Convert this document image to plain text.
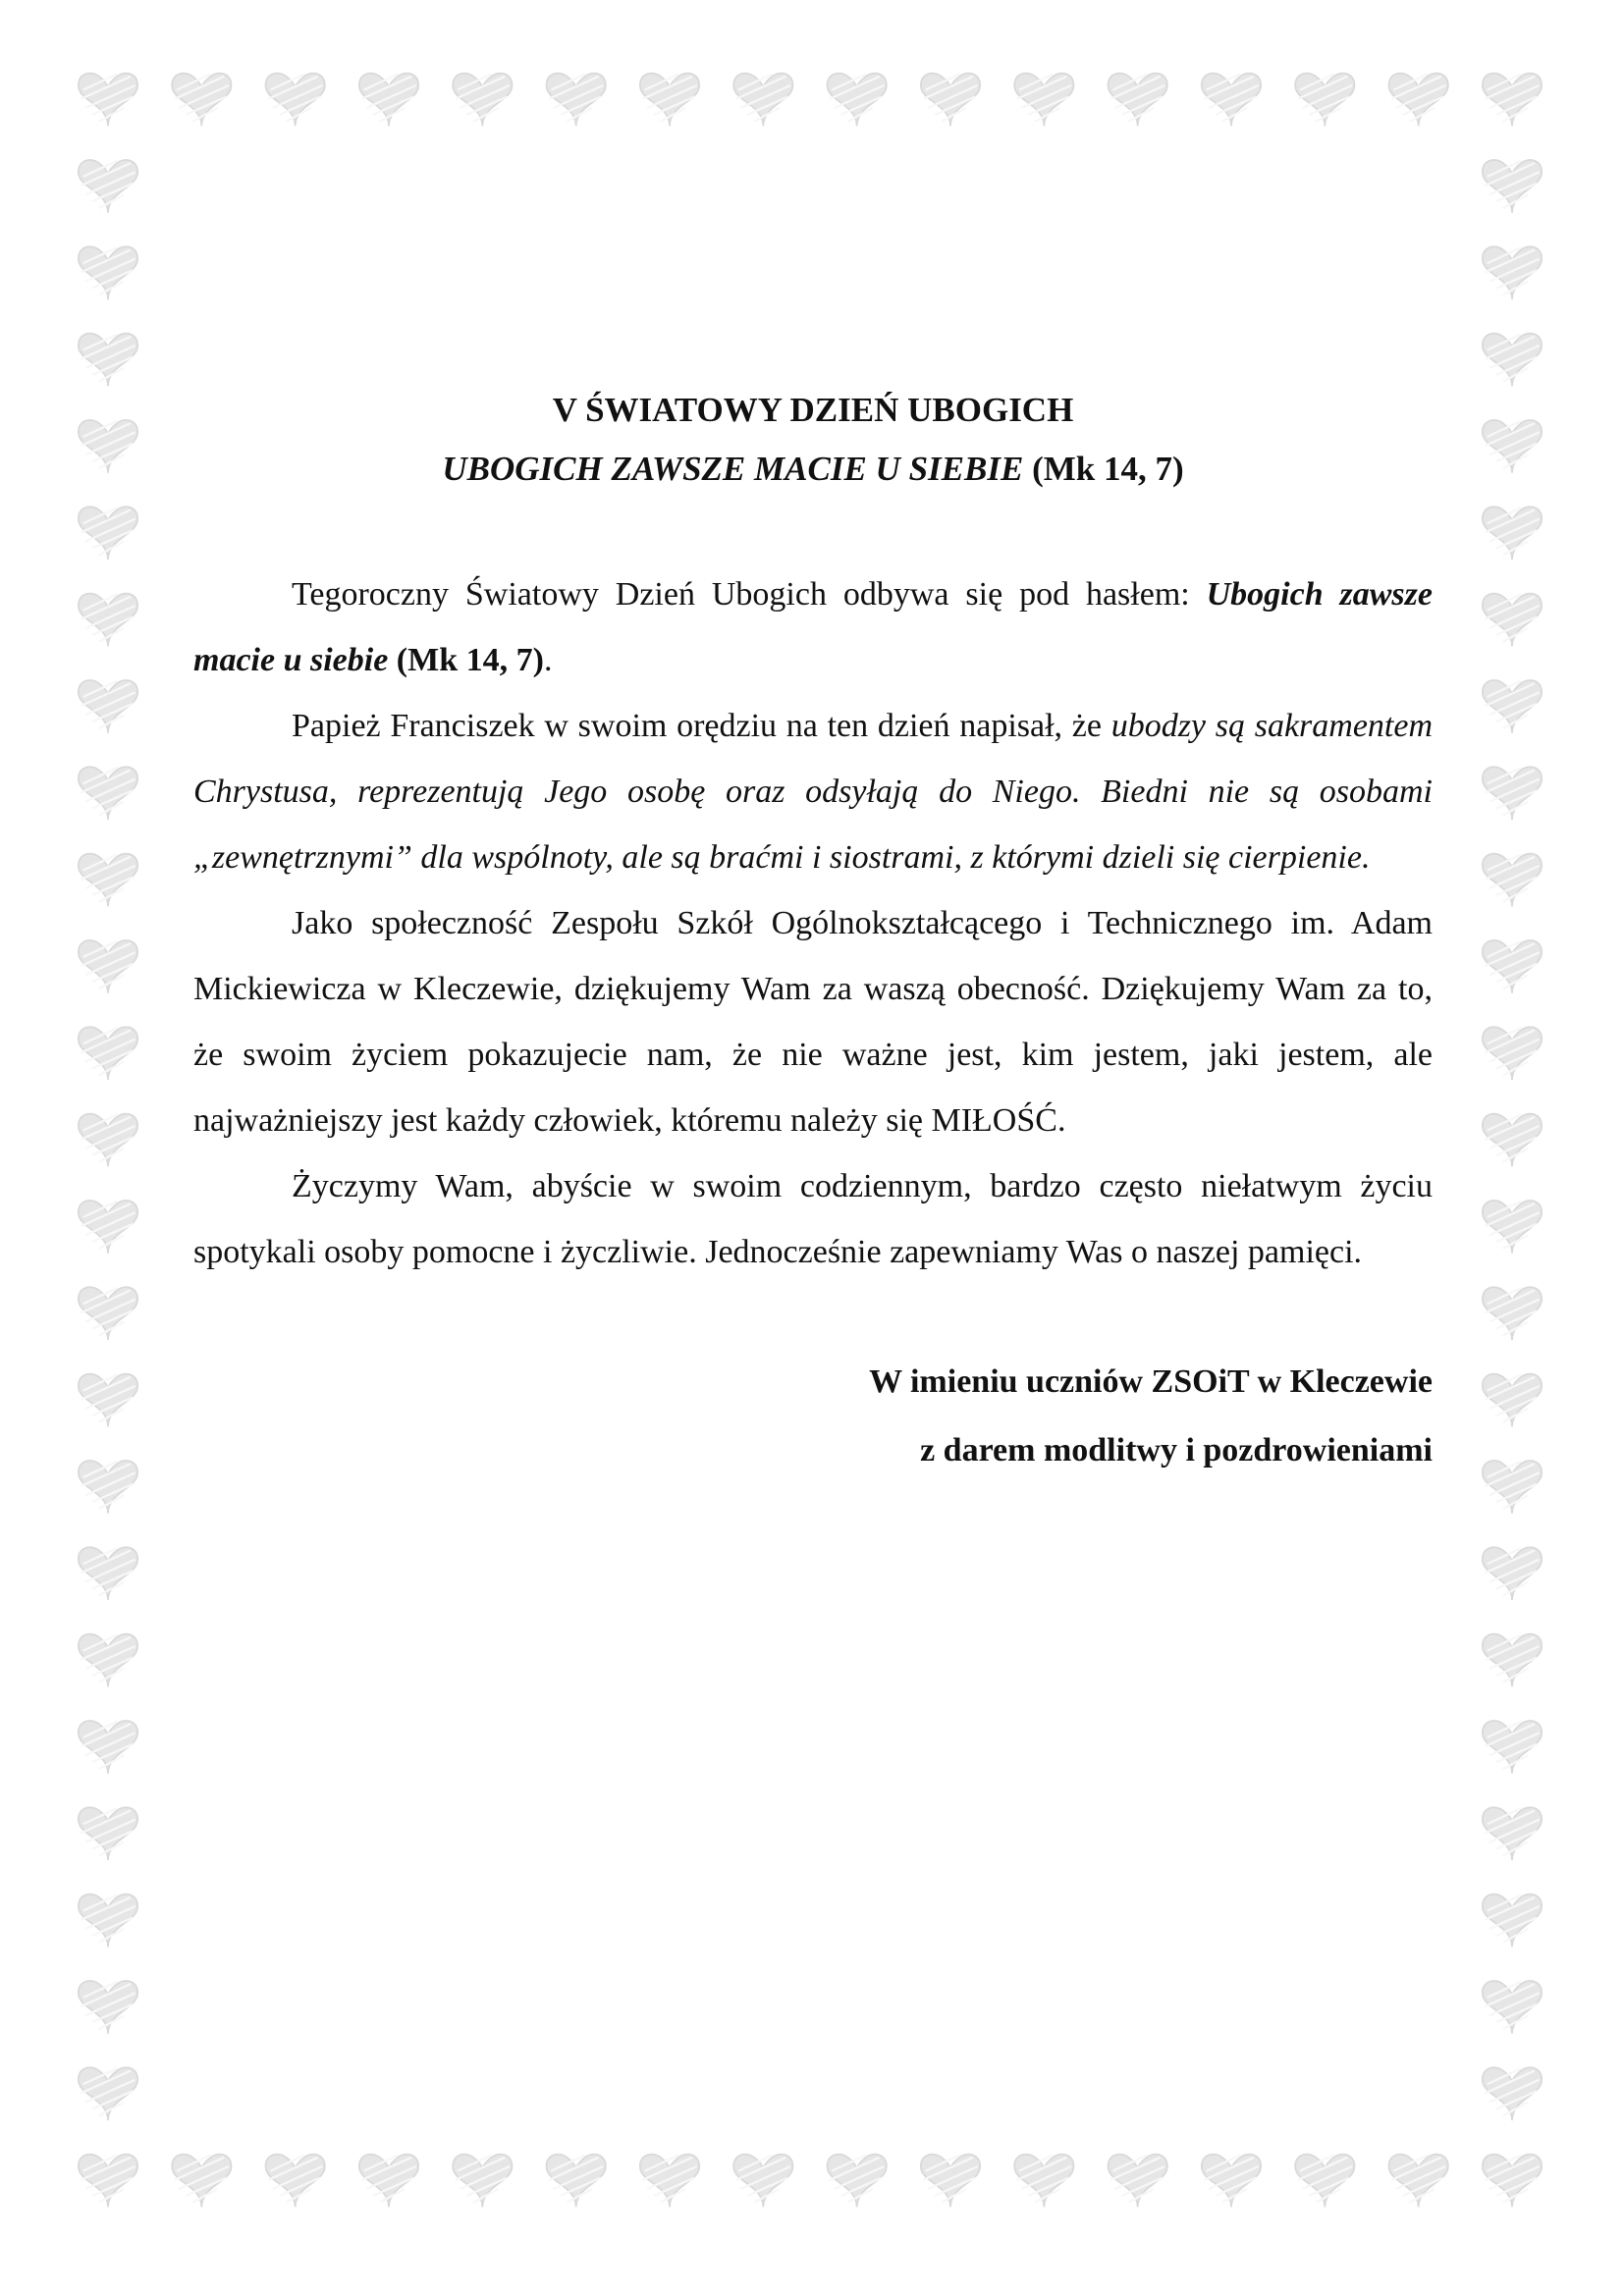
V ŚWIATOWY DZIEŃ UBOGICH

UBOGICH ZAWSZE MACIE U SIEBIE (Mk 14, 7)

Tegoroczny Światowy Dzień Ubogich odbywa się pod hasłem: Ubogich zawsze macie u siebie (Mk 14, 7).

Papież Franciszek w swoim orędziu na ten dzień napisał, że ubodzy są sakramentem Chrystusa, reprezentują Jego osobę oraz odsyłają do Niego. Biedni nie są osobami „zewnętrznymi” dla wspólnoty, ale są braćmi i siostrami, z którymi dzieli się cierpienie.

Jako społeczność Zespołu Szkół Ogólnokształcącego i Technicznego im. Adam Mickiewicza w Kleczewie, dziękujemy Wam za waszą obecność. Dziękujemy Wam za to, że swoim życiem pokazujecie nam, że nie ważne jest, kim jestem, jaki jestem, ale najważniejszy jest każdy człowiek, któremu należy się MIŁOŚĆ.

Życzymy Wam, abyście w swoim codziennym, bardzo często niełatwym życiu spotykali osoby pomocne i życzliwie. Jednocześnie zapewniamy Was o naszej pamięci.

W imieniu uczniów ZSOiT w Kleczewie
z darem modlitwy i pozdrowieniami
